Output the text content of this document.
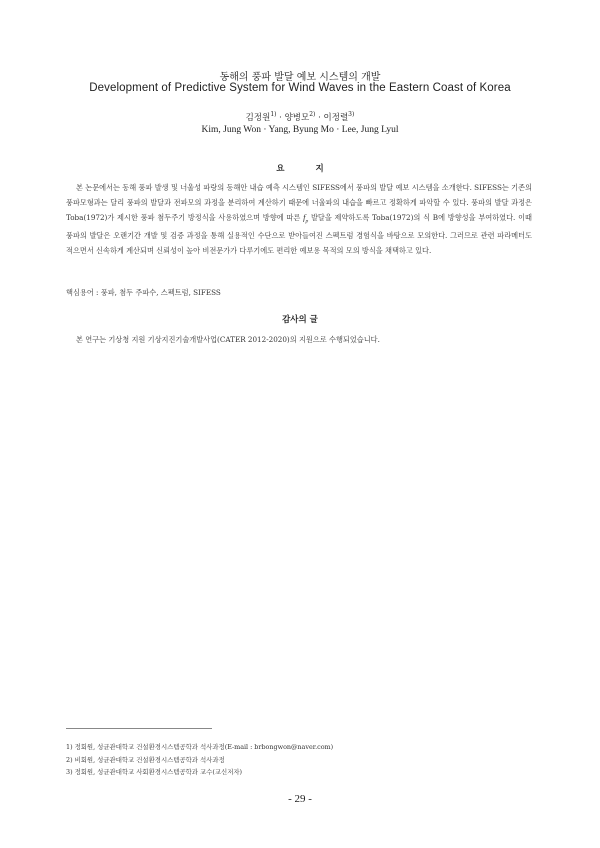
동해의 풍파 발달 예보 시스템의 개발
Development of Predictive System for Wind Waves in the Eastern Coast of Korea
김정원$^{1)}$ · 양병모$^{2)}$ · 이정렬$^{3)}$
Kim, Jung Won · Yang, Byung Mo · Lee, Jung Lyul
요 지
본 논문에서는 동해 풍파 발생 및 너울성 파랑의 동해안 내습 예측 시스템인 SIFESS에서 풍파의 발달 예보 시스템을 소개한다. SIFESS는 기존의 풍파모형과는 달리 풍파의 발달과 전파모의 과정을 분리하여 계산하기 때문에 너울파의 내습을 빠르고 정확하게 파악할 수 있다. 풍파의 발달 과정은 Toba(1972)가 제시한 풍파 첨두주기 방정식을 사용하였으며 방향에 따른 $f_p$ 발달을 제약하도록 Toba(1972)의 식 B에 방향성을 부여하였다. 이때 풍파의 발달은 오랜기간 개발 및 검증 과정을 통해 실용적인 수단으로 받아들여진 스펙트럼 경험식을 바탕으로 모의한다. 그러므로 관련 파라메터도 적으면서 신속하게 계산되며 신뢰성이 높아 비전문가가 다루기에도 편리한 예보용 목적의 모의 방식을 채택하고 있다.
핵심용어 : 풍파, 첨두 주파수, 스펙트럼, SIFESS
감사의 글
본 연구는 기상청 지원 기상지진기술개발사업(CATER 2012-2020)의 지원으로 수행되었습니다.
1) 정회원, 성균관대학교 건설환경시스템공학과 석사과정(E-mail : brbongwon@naver.com)
2) 비회원, 성균관대학교 건설환경시스템공학과 석사과정
3) 정회원, 성균관대학교 사회환경시스템공학과 교수(교신저자)
- 29 -
